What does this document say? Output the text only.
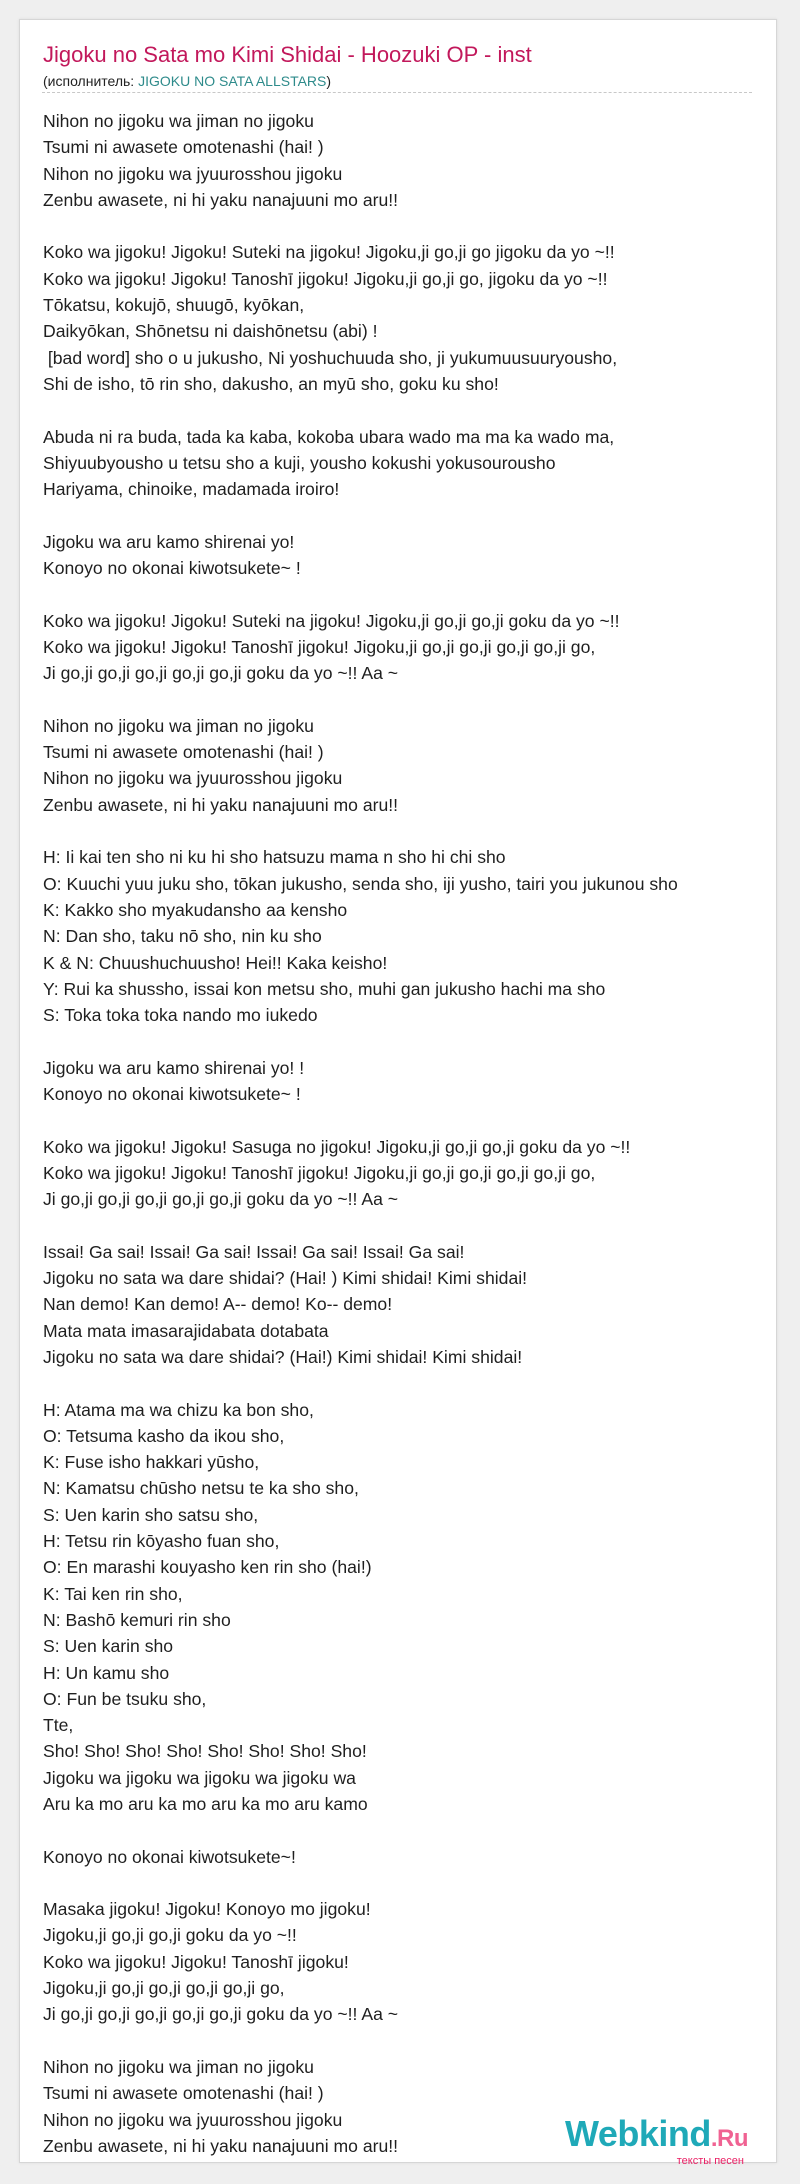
Jigoku no Sata mo Kimi Shidai - Hoozuki OP - inst
(исполнитель: JIGOKU NO SATA ALLSTARS)
Nihon no jigoku wa jiman no jigoku
Tsumi ni awasete omotenashi (hai! )
Nihon no jigoku wa jyuurosshou jigoku
Zenbu awasete, ni hi yaku nanajuuni mo aru!!
Koko wa jigoku! Jigoku! Suteki na jigoku! Jigoku,ji go,ji go jigoku da yo ~!!
Koko wa jigoku! Jigoku! Tanoshī jigoku! Jigoku,ji go,ji go, jigoku da yo ~!!
Tōkatsu, kokujō, shuugō, kyōkan,
Daikyōkan, Shōnetsu ni daishōnetsu (abi) !
[bad word] sho o u jukusho, Ni yoshuchuuda sho, ji yukumuusuuryousho,
Shi de isho, tō rin sho, dakusho, an myū sho, goku ku sho!
Abuda ni ra buda, tada ka kaba, kokoba ubara wado ma ma ka wado ma,
Shiyuubyousho u tetsu sho a kuji, yousho kokushi yokusourousho
Hariyama, chinoike, madamada iroiro!
Jigoku wa aru kamo shirenai yo!
Konoyo no okonai kiwotsukete~ !
Koko wa jigoku! Jigoku! Suteki na jigoku! Jigoku,ji go,ji go,ji goku da yo ~!!
Koko wa jigoku! Jigoku! Tanoshī jigoku! Jigoku,ji go,ji go,ji go,ji go,ji go,
Ji go,ji go,ji go,ji go,ji go,ji goku da yo ~!! Aa ~
Nihon no jigoku wa jiman no jigoku
Tsumi ni awasete omotenashi (hai! )
Nihon no jigoku wa jyuurosshou jigoku
Zenbu awasete, ni hi yaku nanajuuni mo aru!!
H: Ii kai ten sho ni ku hi sho hatsuzu mama n sho hi chi sho
O: Kuuchi yuu juku sho, tōkan jukusho, senda sho, iji yusho, tairi you jukunou sho
K: Kakko sho myakudansho aa kensho
N: Dan sho, taku nō sho, nin ku sho
K & N: Chuushuchuusho! Hei!! Kaka keisho!
Y: Rui ka shussho, issai kon metsu sho, muhi gan jukusho hachi ma sho
S: Toka toka toka nando mo iukedo
Jigoku wa aru kamo shirenai yo! !
Konoyo no okonai kiwotsukete~ !
Koko wa jigoku! Jigoku! Sasuga no jigoku! Jigoku,ji go,ji go,ji goku da yo ~!!
Koko wa jigoku! Jigoku! Tanoshī jigoku! Jigoku,ji go,ji go,ji go,ji go,ji go,
Ji go,ji go,ji go,ji go,ji go,ji goku da yo ~!! Aa ~
Issai! Ga sai! Issai! Ga sai! Issai! Ga sai! Issai! Ga sai!
Jigoku no sata wa dare shidai? (Hai! ) Kimi shidai! Kimi shidai!
Nan demo! Kan demo! A-- demo! Ko-- demo!
Mata mata imasarajidabata dotabata
Jigoku no sata wa dare shidai? (Hai!) Kimi shidai! Kimi shidai!
H: Atama ma wa chizu ka bon sho,
O: Tetsuma kasho da ikou sho,
K: Fuse isho hakkari yūsho,
N: Kamatsu chūsho netsu te ka sho sho,
S: Uen karin sho satsu sho,
H: Tetsu rin kōyasho fuan sho,
O: En marashi kouyasho ken rin sho (hai!)
K: Tai ken rin sho,
N: Bashō kemuri rin sho
S: Uen karin sho
H: Un kamu sho
O: Fun be tsuku sho,
Tte,
Sho! Sho! Sho! Sho! Sho! Sho! Sho! Sho!
Jigoku wa jigoku wa jigoku wa jigoku wa
Aru ka mo aru ka mo aru ka mo aru kamo
Konoyo no okonai kiwotsukete~!
Masaka jigoku! Jigoku! Konoyo mo jigoku!
Jigoku,ji go,ji go,ji goku da yo ~!!
Koko wa jigoku! Jigoku! Tanoshī jigoku!
Jigoku,ji go,ji go,ji go,ji go,ji go,
Ji go,ji go,ji go,ji go,ji go,ji goku da yo ~!! Aa ~
Nihon no jigoku wa jiman no jigoku
Tsumi ni awasete omotenashi (hai! )
Nihon no jigoku wa jyuurosshou jigoku
Zenbu awasete, ni hi yaku nanajuuni mo aru!!	Webkind.Ru
тексты песен
